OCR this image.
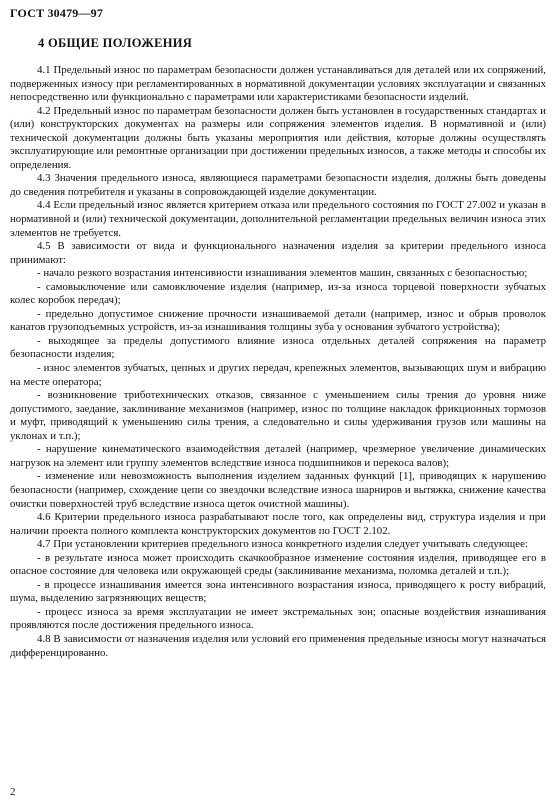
ГОСТ 30479—97
4 ОБЩИЕ ПОЛОЖЕНИЯ

4.1 Предельный износ по параметрам безопасности должен устанавливаться для деталей или их сопряжений, подверженных износу при регламентированных в нормативной документации условиях эксплуатации и связанных непосредственно или функционально с параметрами или характеристиками безопасности изделий.

4.2 Предельный износ по параметрам безопасности должен быть установлен в государственных стандартах и (или) конструкторских документах на размеры или сопряжения элементов изделия. В нормативной и (или) технической документации должны быть указаны мероприятия или действия, которые должны осуществлять эксплуатирующие или ремонтные организации при достижении предельных износов, а также методы и способы их определения.

4.3 Значения предельного износа, являющиеся параметрами безопасности изделия, должны быть доведены до сведения потребителя и указаны в сопровождающей изделие документации.

4.4 Если предельный износ является критерием отказа или предельного состояния по ГОСТ 27.002 и указан в нормативной и (или) технической документации, дополнительной регламентации предельных величин износа этих элементов не требуется.

4.5 В зависимости от вида и функционального назначения изделия за критерии предельного износа принимают:

- начало резкого возрастания интенсивности изнашивания элементов машин, связанных с безопасностью;

- самовыключение или самовключение изделия (например, из-за износа торцевой поверхности зубчатых колес коробок передач);

- предельно допустимое снижение прочности изнашиваемой детали (например, износ и обрыв проволок канатов грузоподъемных устройств, из-за изнашивания толщины зуба у основания зубчатого устройства);

- выходящее за пределы допустимого влияние износа отдельных деталей сопряжения на параметр безопасности изделия;

- износ элементов зубчатых, цепных и других передач, крепежных элементов, вызывающих шум и вибрацию на месте оператора;

- возникновение триботехнических отказов, связанное с уменьшением силы трения до уровня ниже допустимого, заедание, заклинивание механизмов (например, износ по толщине накладок фрикционных тормозов и муфт, приводящий к уменьшению силы трения, а следовательно и силы удерживания грузов или машины на уклонах и т.п.);

- нарушение кинематического взаимодействия деталей (например, чрезмерное увеличение динамических нагрузок на элемент или группу элементов вследствие износа подшипников и перекоса валов);

- изменение или невозможность выполнения изделием заданных функций [1], приводящих к нарушению безопасности (например, схождение цепи со звездочки вследствие износа шарниров и вытяжка, снижение качества очистки поверхностей труб вследствие износа щеток очистной машины).

4.6 Критерии предельного износа разрабатывают после того, как определены вид, структура изделия и при наличии проекта полного комплекта конструкторских документов по ГОСТ 2.102.

4.7 При установлении критериев предельного износа конкретного изделия следует учитывать следующее:

- в результате износа может происходить скачкообразное изменение состояния изделия, приводящее его в опасное состояние для человека или окружающей среды (заклинивание механизма, поломка деталей и т.п.);

- в процессе изнашивания имеется зона интенсивного возрастания износа, приводящего к росту вибраций, шума, выделению загрязняющих веществ;

- процесс износа за время эксплуатации не имеет экстремальных зон; опасные воздействия изнашивания проявляются после достижения предельного износа.

4.8 В зависимости от назначения изделия или условий его применения предельные износы могут назначаться дифференцированно.

2
